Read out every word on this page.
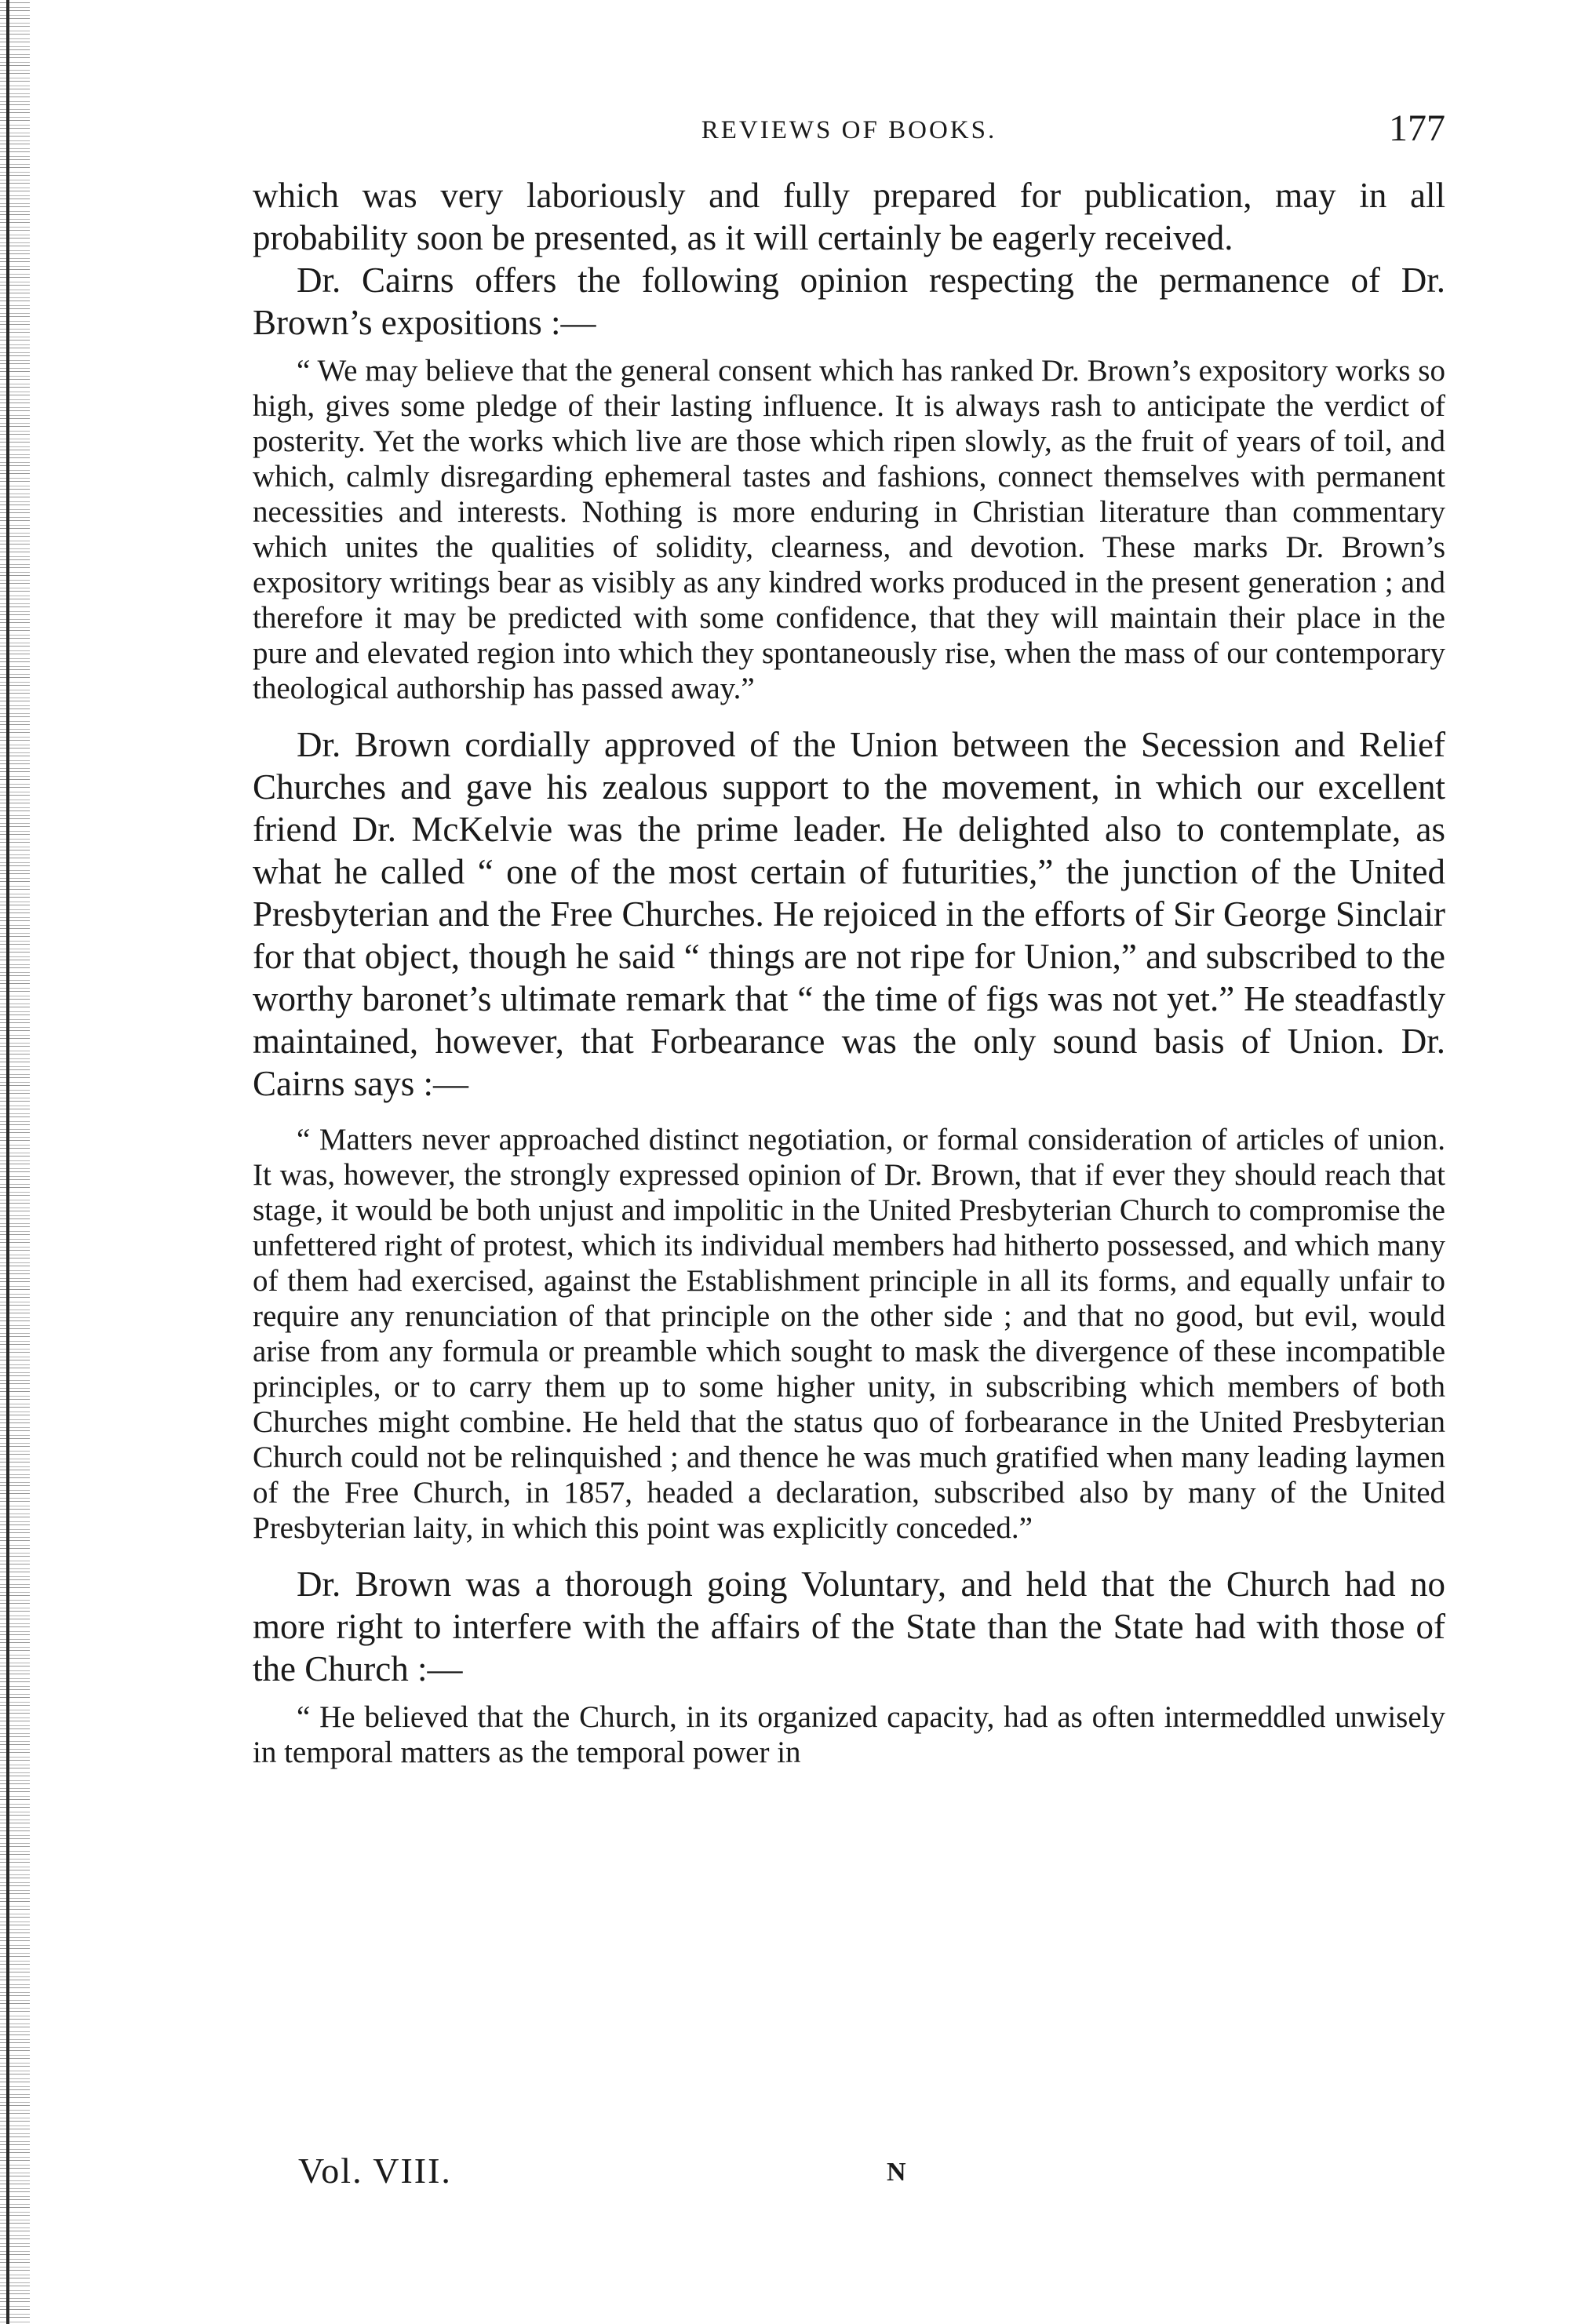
REVIEWS OF BOOKS.	177

which was very laboriously and fully prepared for publication, may in all probability soon be presented, as it will certainly be eagerly received.

Dr. Cairns offers the following opinion respecting the permanence of Dr. Brown’s expositions :—

“ We may believe that the general consent which has ranked Dr. Brown’s expository works so high, gives some pledge of their lasting influence. It is always rash to anticipate the verdict of posterity. Yet the works which live are those which ripen slowly, as the fruit of years of toil, and which, calmly disregarding ephemeral tastes and fashions, connect themselves with permanent necessities and interests. Nothing is more enduring in Christian literature than commentary which unites the qualities of solidity, clearness, and devotion. These marks Dr. Brown’s expository writings bear as visibly as any kindred works produced in the present generation ; and therefore it may be predicted with some confidence, that they will maintain their place in the pure and elevated region into which they spontaneously rise, when the mass of our contemporary theological authorship has passed away.”

Dr. Brown cordially approved of the Union between the Secession and Relief Churches and gave his zealous support to the movement, in which our excellent friend Dr. McKelvie was the prime leader. He delighted also to contemplate, as what he called “ one of the most certain of futurities,” the junction of the United Presbyterian and the Free Churches. He rejoiced in the efforts of Sir George Sinclair for that object, though he said “ things are not ripe for Union,” and subscribed to the worthy baronet’s ultimate remark that “ the time of figs was not yet.” He steadfastly maintained, however, that Forbearance was the only sound basis of Union. Dr. Cairns says :—

“ Matters never approached distinct negotiation, or formal consideration of articles of union. It was, however, the strongly expressed opinion of Dr. Brown, that if ever they should reach that stage, it would be both unjust and impolitic in the United Presbyterian Church to compromise the unfettered right of protest, which its individual members had hitherto possessed, and which many of them had exercised, against the Establishment principle in all its forms, and equally unfair to require any renunciation of that principle on the other side ; and that no good, but evil, would arise from any formula or preamble which sought to mask the divergence of these incompatible principles, or to carry them up to some higher unity, in subscribing which members of both Churches might combine. He held that the status quo of forbearance in the United Presbyterian Church could not be relinquished ; and thence he was much gratified when many leading laymen of the Free Church, in 1857, headed a declaration, subscribed also by many of the United Presbyterian laity, in which this point was explicitly conceded.”

Dr. Brown was a thorough going Voluntary, and held that the Church had no more right to interfere with the affairs of the State than the State had with those of the Church :—

“ He believed that the Church, in its organized capacity, had as often intermeddled unwisely in temporal matters as the temporal power in

Vol. VIII.	N
